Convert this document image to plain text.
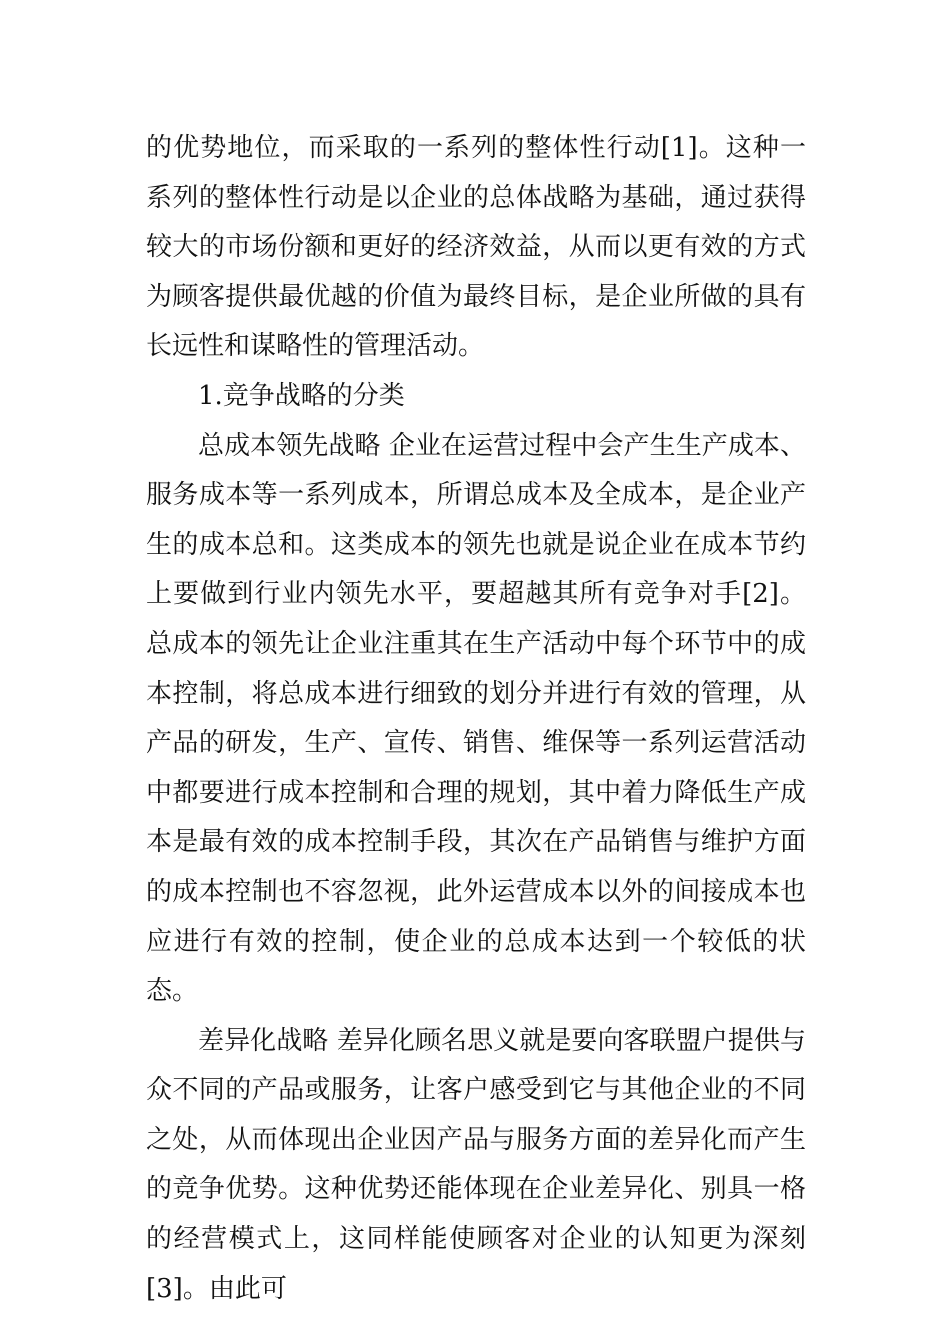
的优势地位，而采取的一系列的整体性行动[1]。这种一系列的整体性行动是以企业的总体战略为基础，通过获得较大的市场份额和更好的经济效益，从而以更有效的方式为顾客提供最优越的价值为最终目标，是企业所做的具有长远性和谋略性的管理活动。

1.竞争战略的分类

总成本领先战略 企业在运营过程中会产生生产成本、服务成本等一系列成本，所谓总成本及全成本，是企业产生的成本总和。这类成本的领先也就是说企业在成本节约上要做到行业内领先水平，要超越其所有竞争对手[2]。总成本的领先让企业注重其在生产活动中每个环节中的成本控制，将总成本进行细致的划分并进行有效的管理，从产品的研发，生产、宣传、销售、维保等一系列运营活动中都要进行成本控制和合理的规划，其中着力降低生产成本是最有效的成本控制手段，其次在产品销售与维护方面的成本控制也不容忽视，此外运营成本以外的间接成本也应进行有效的控制，使企业的总成本达到一个较低的状态。

差异化战略 差异化顾名思义就是要向客联盟户提供与众不同的产品或服务，让客户感受到它与其他企业的不同之处，从而体现出企业因产品与服务方面的差异化而产生的竞争优势。这种优势还能体现在企业差异化、别具一格的经营模式上，这同样能使顾客对企业的认知更为深刻[3]。由此可
